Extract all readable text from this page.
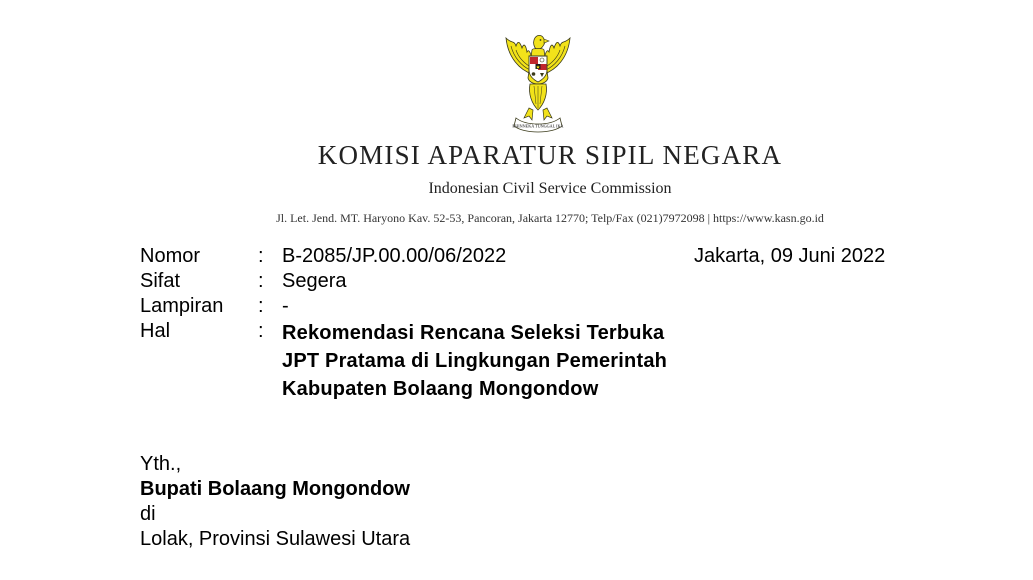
BHINNEKA TUNGGAL IKA
KOMISI APARATUR SIPIL NEGARA
Indonesian Civil Service Commission
Jl. Let. Jend. MT. Haryono Kav. 52-53, Pancoran, Jakarta 12770; Telp/Fax (021)7972098 | https://www.kasn.go.id
Nomor	: B-2085/JP.00.00/06/2022
Sifat	: Segera
Lampiran	: -
Hal	: Rekomendasi Rencana Seleksi Terbuka
JPT Pratama di Lingkungan Pemerintah
Kabupaten Bolaang Mongondow
Jakarta, 09 Juni 2022
Yth.,
Bupati Bolaang Mongondow
di
Lolak, Provinsi Sulawesi Utara
